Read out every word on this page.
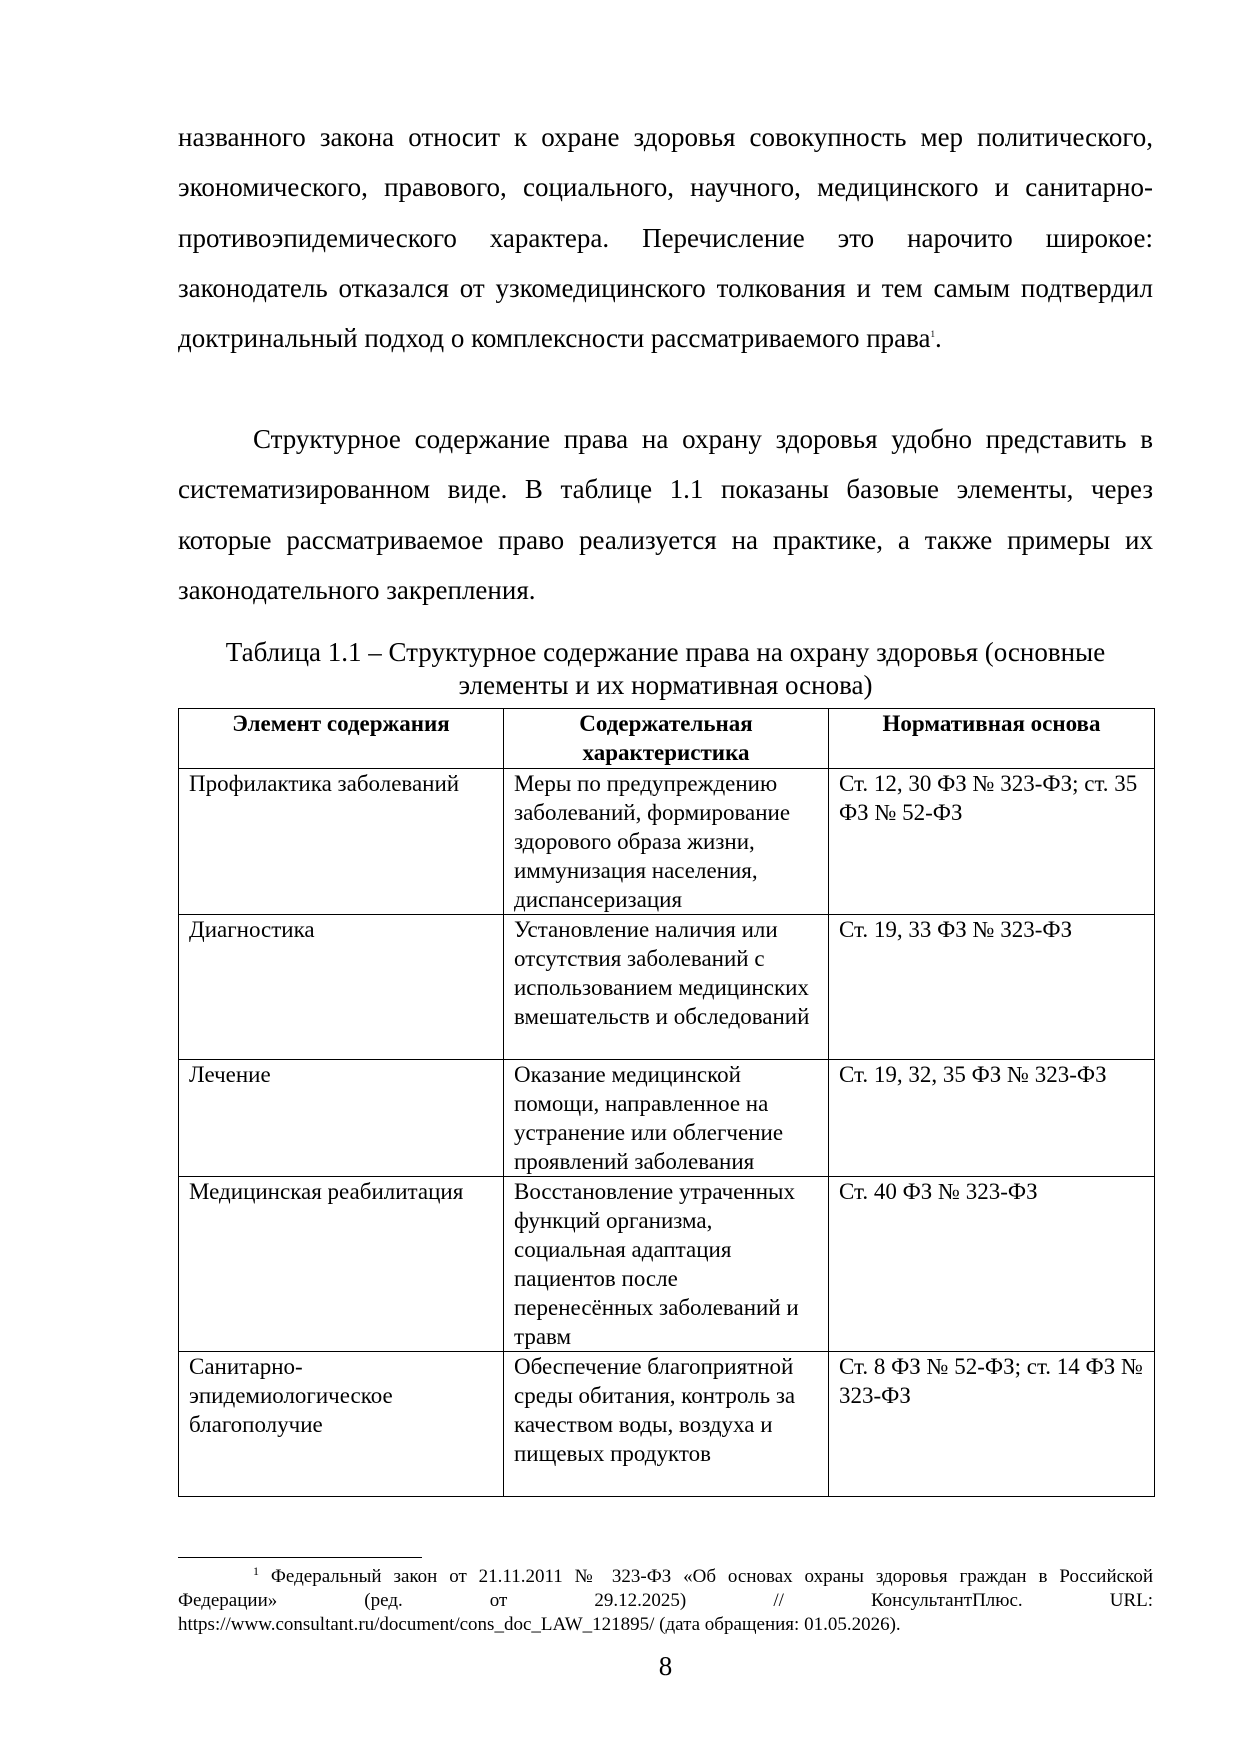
названного закона относит к охране здоровья совокупность мер политического, экономического, правового, социального, научного, медицинского и санитарно-противоэпидемического характера. Перечисление это нарочито широкое: законодатель отказался от узкомедицинского толкования и тем самым подтвердил доктринальный подход о комплексности рассматриваемого права$^1$.

Структурное содержание права на охрану здоровья удобно представить в систематизированном виде. В таблице 1.1 показаны базовые элементы, через которые рассматриваемое право реализуется на практике, а также примеры их законодательного закрепления.

Таблица 1.1 – Структурное содержание права на охрану здоровья (основные элементы и их нормативная основа)
Элемент содержания	Содержательная характеристика	Нормативная основа
Профилактика заболеваний	Меры по предупреждению заболеваний, формирование здорового образа жизни, иммунизация населения, диспансеризация	Ст. 12, 30 ФЗ № 323-ФЗ; ст. 35 ФЗ № 52-ФЗ
Диагностика	Установление наличия или отсутствия заболеваний с использованием медицинских вмешательств и обследований	Ст. 19, 33 ФЗ № 323-ФЗ
Лечение	Оказание медицинской помощи, направленное на устранение или облегчение проявлений заболевания	Ст. 19, 32, 35 ФЗ № 323-ФЗ
Медицинская реабилитация	Восстановление утраченных функций организма, социальная адаптация пациентов после перенесённых заболеваний и травм	Ст. 40 ФЗ № 323-ФЗ
Санитарно-эпидемиологическое благополучие	Обеспечение благоприятной среды обитания, контроль за качеством воды, воздуха и пищевых продуктов	Ст. 8 ФЗ № 52-ФЗ; ст. 14 ФЗ № 323-ФЗ
$^1$ Федеральный закон от 21.11.2011 № 323-ФЗ «Об основах охраны здоровья граждан в Российской
Федерации» (ред. от 29.12.2025) // КонсультантПлюс. URL:
https://www.consultant.ru/document/cons_doc_LAW_121895/ (дата обращения: 01.05.2026).
8
